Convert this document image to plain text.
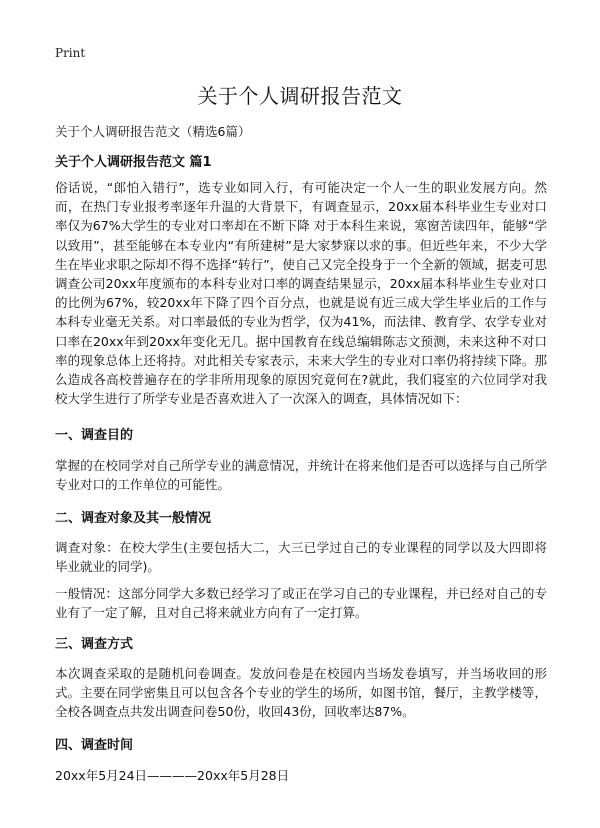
Print
关于个人调研报告范文
关于个人调研报告范文（精选6篇）
关于个人调研报告范文 篇1

俗话说，“郎怕入错行”，选专业如同入行，有可能决定一个人一生的职业发展方向。然而，在热门专业报考率逐年升温的大背景下，有调查显示，20xx届本科毕业生专业对口率仅为67%大学生的专业对口率却在不断下降 对于本科生来说，寒窗苦读四年，能够“学以致用”，甚至能够在本专业内“有所建树”是大家梦寐以求的事。但近些年来，不少大学生在毕业求职之际却不得不选择“转行”，使自己又完全投身于一个全新的领域，据麦可思调查公司20xx年度颁布的本科专业对口率的调查结果显示，20xx届本科毕业生专业对口的比例为67%，较20xx年下降了四个百分点，也就是说有近三成大学生毕业后的工作与本科专业毫无关系。对口率最低的专业为哲学，仅为41%，而法律、教育学、农学专业对口率在20xx年到20xx年变化无几。据中国教育在线总编辑陈志文预测，未来这种不对口率的现象总体上还将持。对此相关专家表示，未来大学生的专业对口率仍将持续下降。那么造成各高校普遍存在的学非所用现象的原因究竟何在?就此，我们寝室的六位同学对我校大学生进行了所学专业是否喜欢进入了一次深入的调查，具体情况如下：

一、调查目的

掌握的在校同学对自己所学专业的满意情况，并统计在将来他们是否可以选择与自己所学专业对口的工作单位的可能性。

二、调查对象及其一般情况

调查对象：在校大学生(主要包括大二，大三已学过自己的专业课程的同学以及大四即将毕业就业的同学)。

一般情况：这部分同学大多数已经学习了或正在学习自己的专业课程，并已经对自己的专业有了一定了解，且对自己将来就业方向有了一定打算。

三、调查方式

本次调查采取的是随机问卷调查。发放问卷是在校园内当场发卷填写，并当场收回的形式。主要在同学密集且可以包含各个专业的学生的场所，如图书馆，餐厅，主教学楼等，全校各调查点共发出调查问卷50份，收回43份，回收率达87%。

四、调查时间

20xx年5月24日————20xx年5月28日
